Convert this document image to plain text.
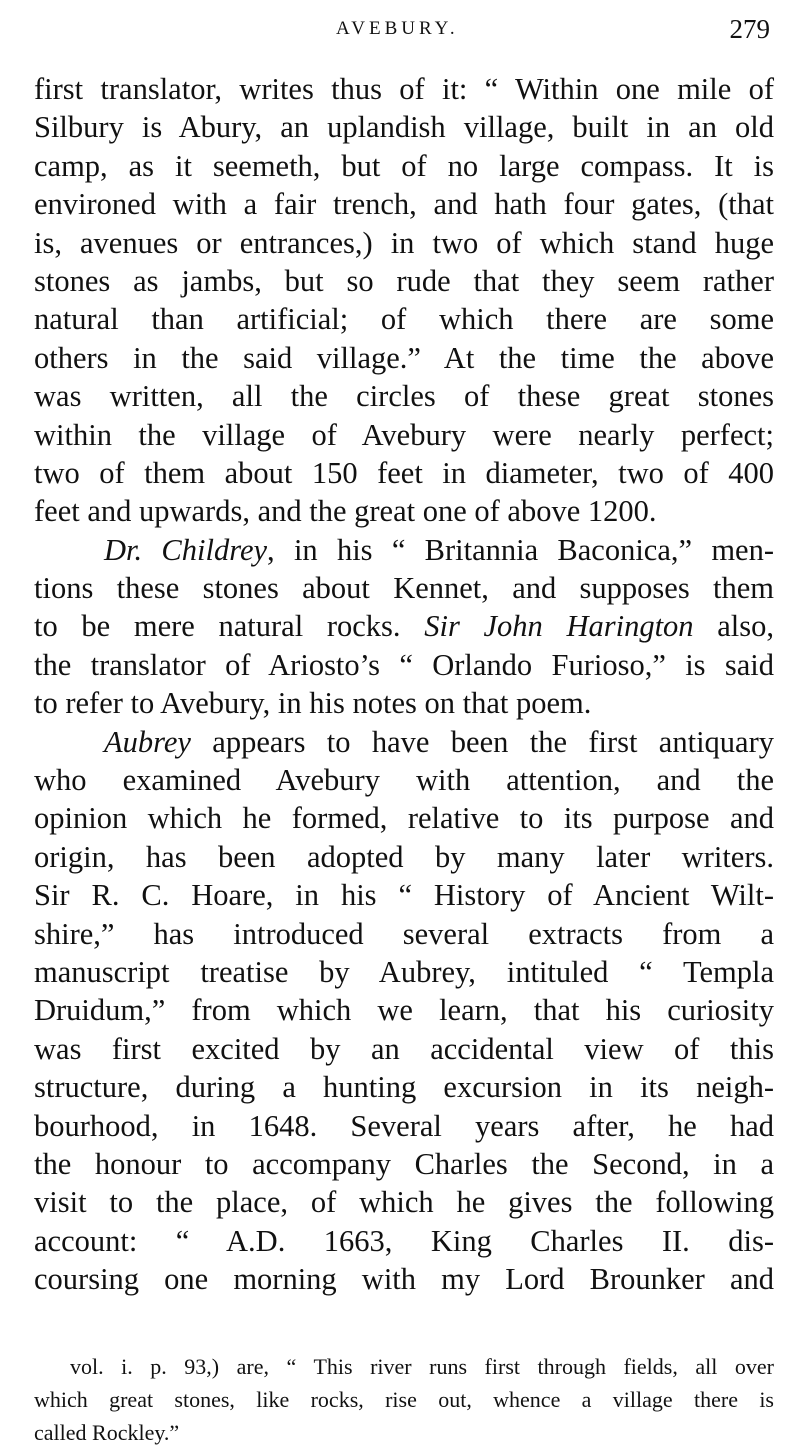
AVEBURY.	279
first translator, writes thus of it: “ Within one mile of
Silbury is Abury, an uplandish village, built in an old
camp, as it seemeth, but of no large compass. It is
environed with a fair trench, and hath four gates, (that
is, avenues or entrances,) in two of which stand huge
stones as jambs, but so rude that they seem rather
natural than artificial; of which there are some
others in the said village.” At the time the above
was written, all the circles of these great stones
within the village of Avebury were nearly perfect;
two of them about 150 feet in diameter, two of 400
feet and upwards, and the great one of above 1200.
Dr. Childrey, in his “ Britannia Baconica,” men-
tions these stones about Kennet, and supposes them
to be mere natural rocks. Sir John Harington also,
the translator of Ariosto’s “ Orlando Furioso,” is said
to refer to Avebury, in his notes on that poem.
Aubrey appears to have been the first antiquary
who examined Avebury with attention, and the
opinion which he formed, relative to its purpose and
origin, has been adopted by many later writers.
Sir R. C. Hoare, in his “ History of Ancient Wilt-
shire,” has introduced several extracts from a
manuscript treatise by Aubrey, intituled “ Templa
Druidum,” from which we learn, that his curiosity
was first excited by an accidental view of this
structure, during a hunting excursion in its neigh-
bourhood, in 1648. Several years after, he had
the honour to accompany Charles the Second, in a
visit to the place, of which he gives the following
account: “ A.D. 1663, King Charles II. dis-
coursing one morning with my Lord Brounker and
vol. i. p. 93,) are, “ This river runs first through fields, all over
which great stones, like rocks, rise out, whence a village there is
called Rockley.”
